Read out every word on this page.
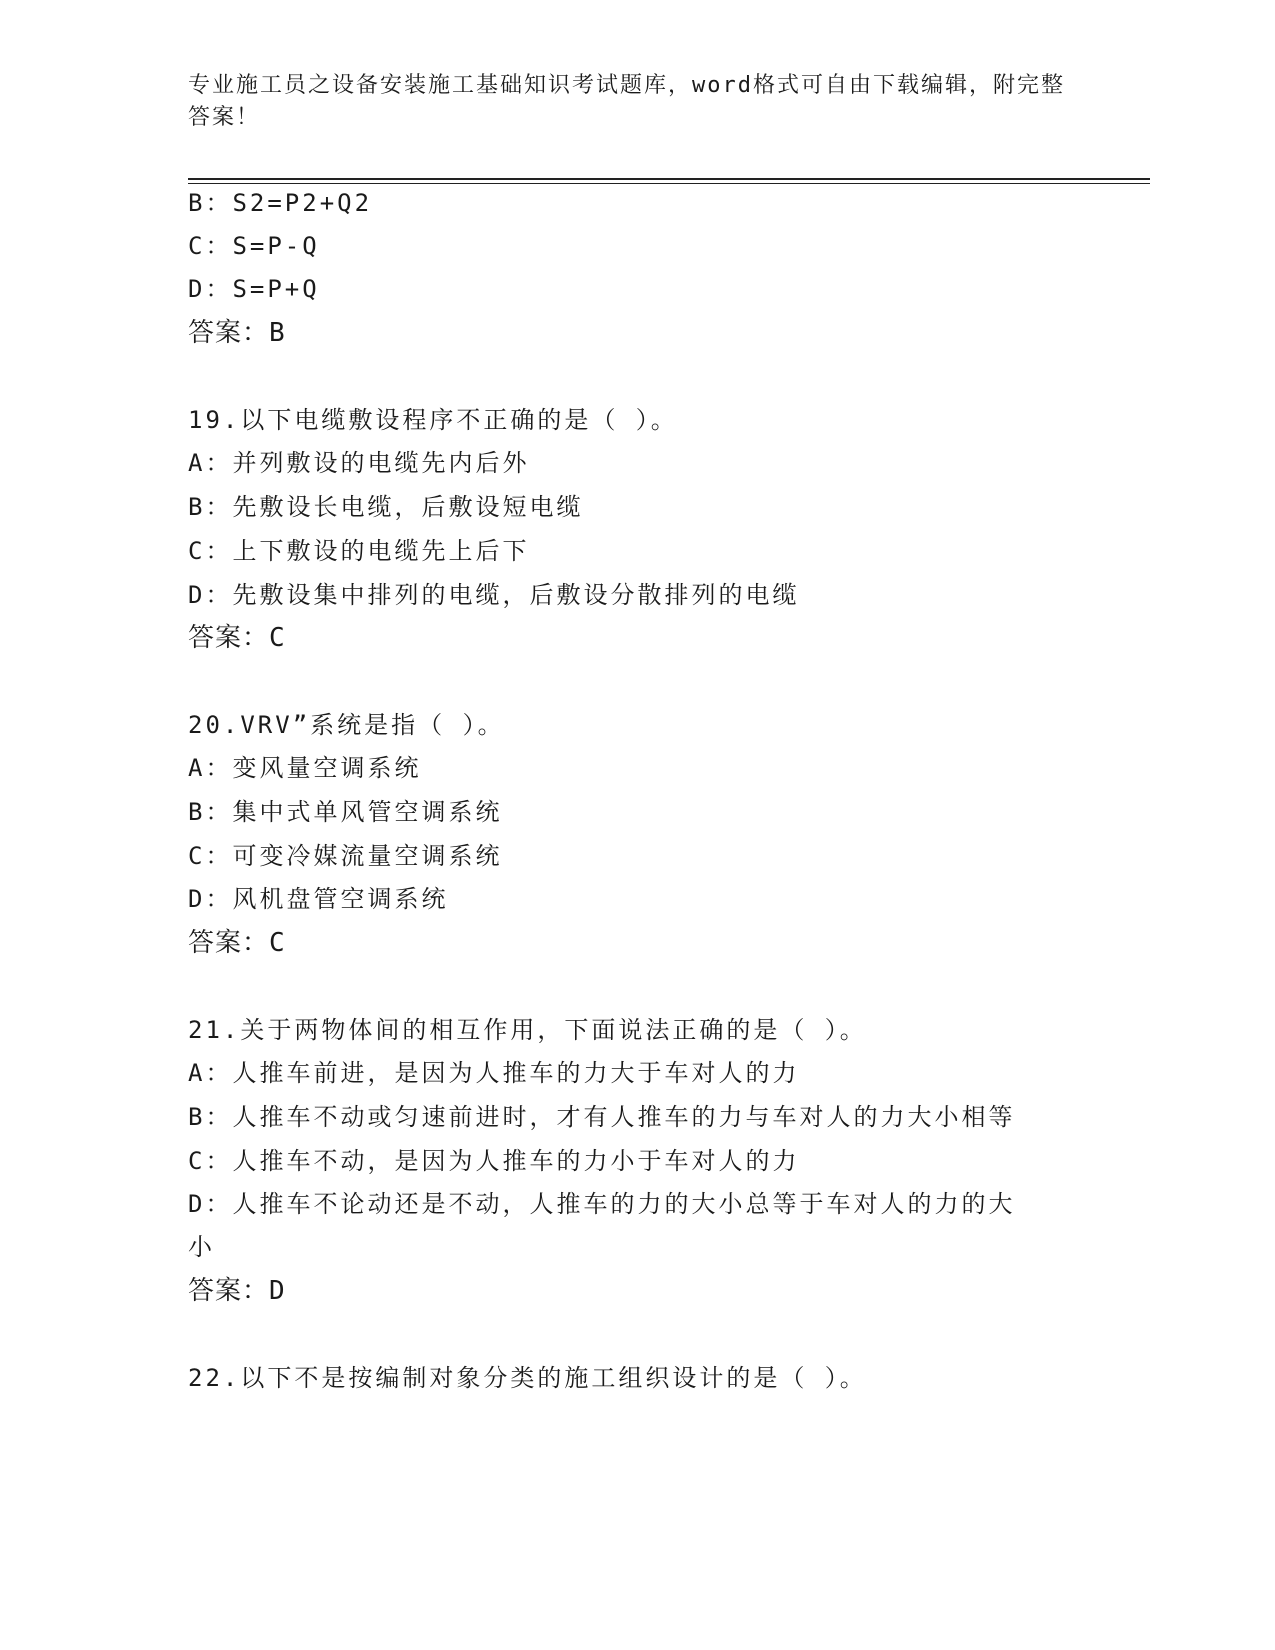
专业施工员之设备安装施工基础知识考试题库，word格式可自由下载编辑，附完整答案！

B：S2=P2+Q2

C：S=P-Q

D：S=P+Q

答案：B

19.以下电缆敷设程序不正确的是（ ）。

A：并列敷设的电缆先内后外

B：先敷设长电缆，后敷设短电缆

C：上下敷设的电缆先上后下

D：先敷设集中排列的电缆，后敷设分散排列的电缆

答案：C

20.VRV”系统是指（ ）。

A：变风量空调系统

B：集中式单风管空调系统

C：可变冷媒流量空调系统

D：风机盘管空调系统

答案：C

21.关于两物体间的相互作用，下面说法正确的是（ ）。

A：人推车前进，是因为人推车的力大于车对人的力

B：人推车不动或匀速前进时，才有人推车的力与车对人的力大小相等

C：人推车不动，是因为人推车的力小于车对人的力

D：人推车不论动还是不动，人推车的力的大小总等于车对人的力的大

小

答案：D

22.以下不是按编制对象分类的施工组织设计的是（ ）。
